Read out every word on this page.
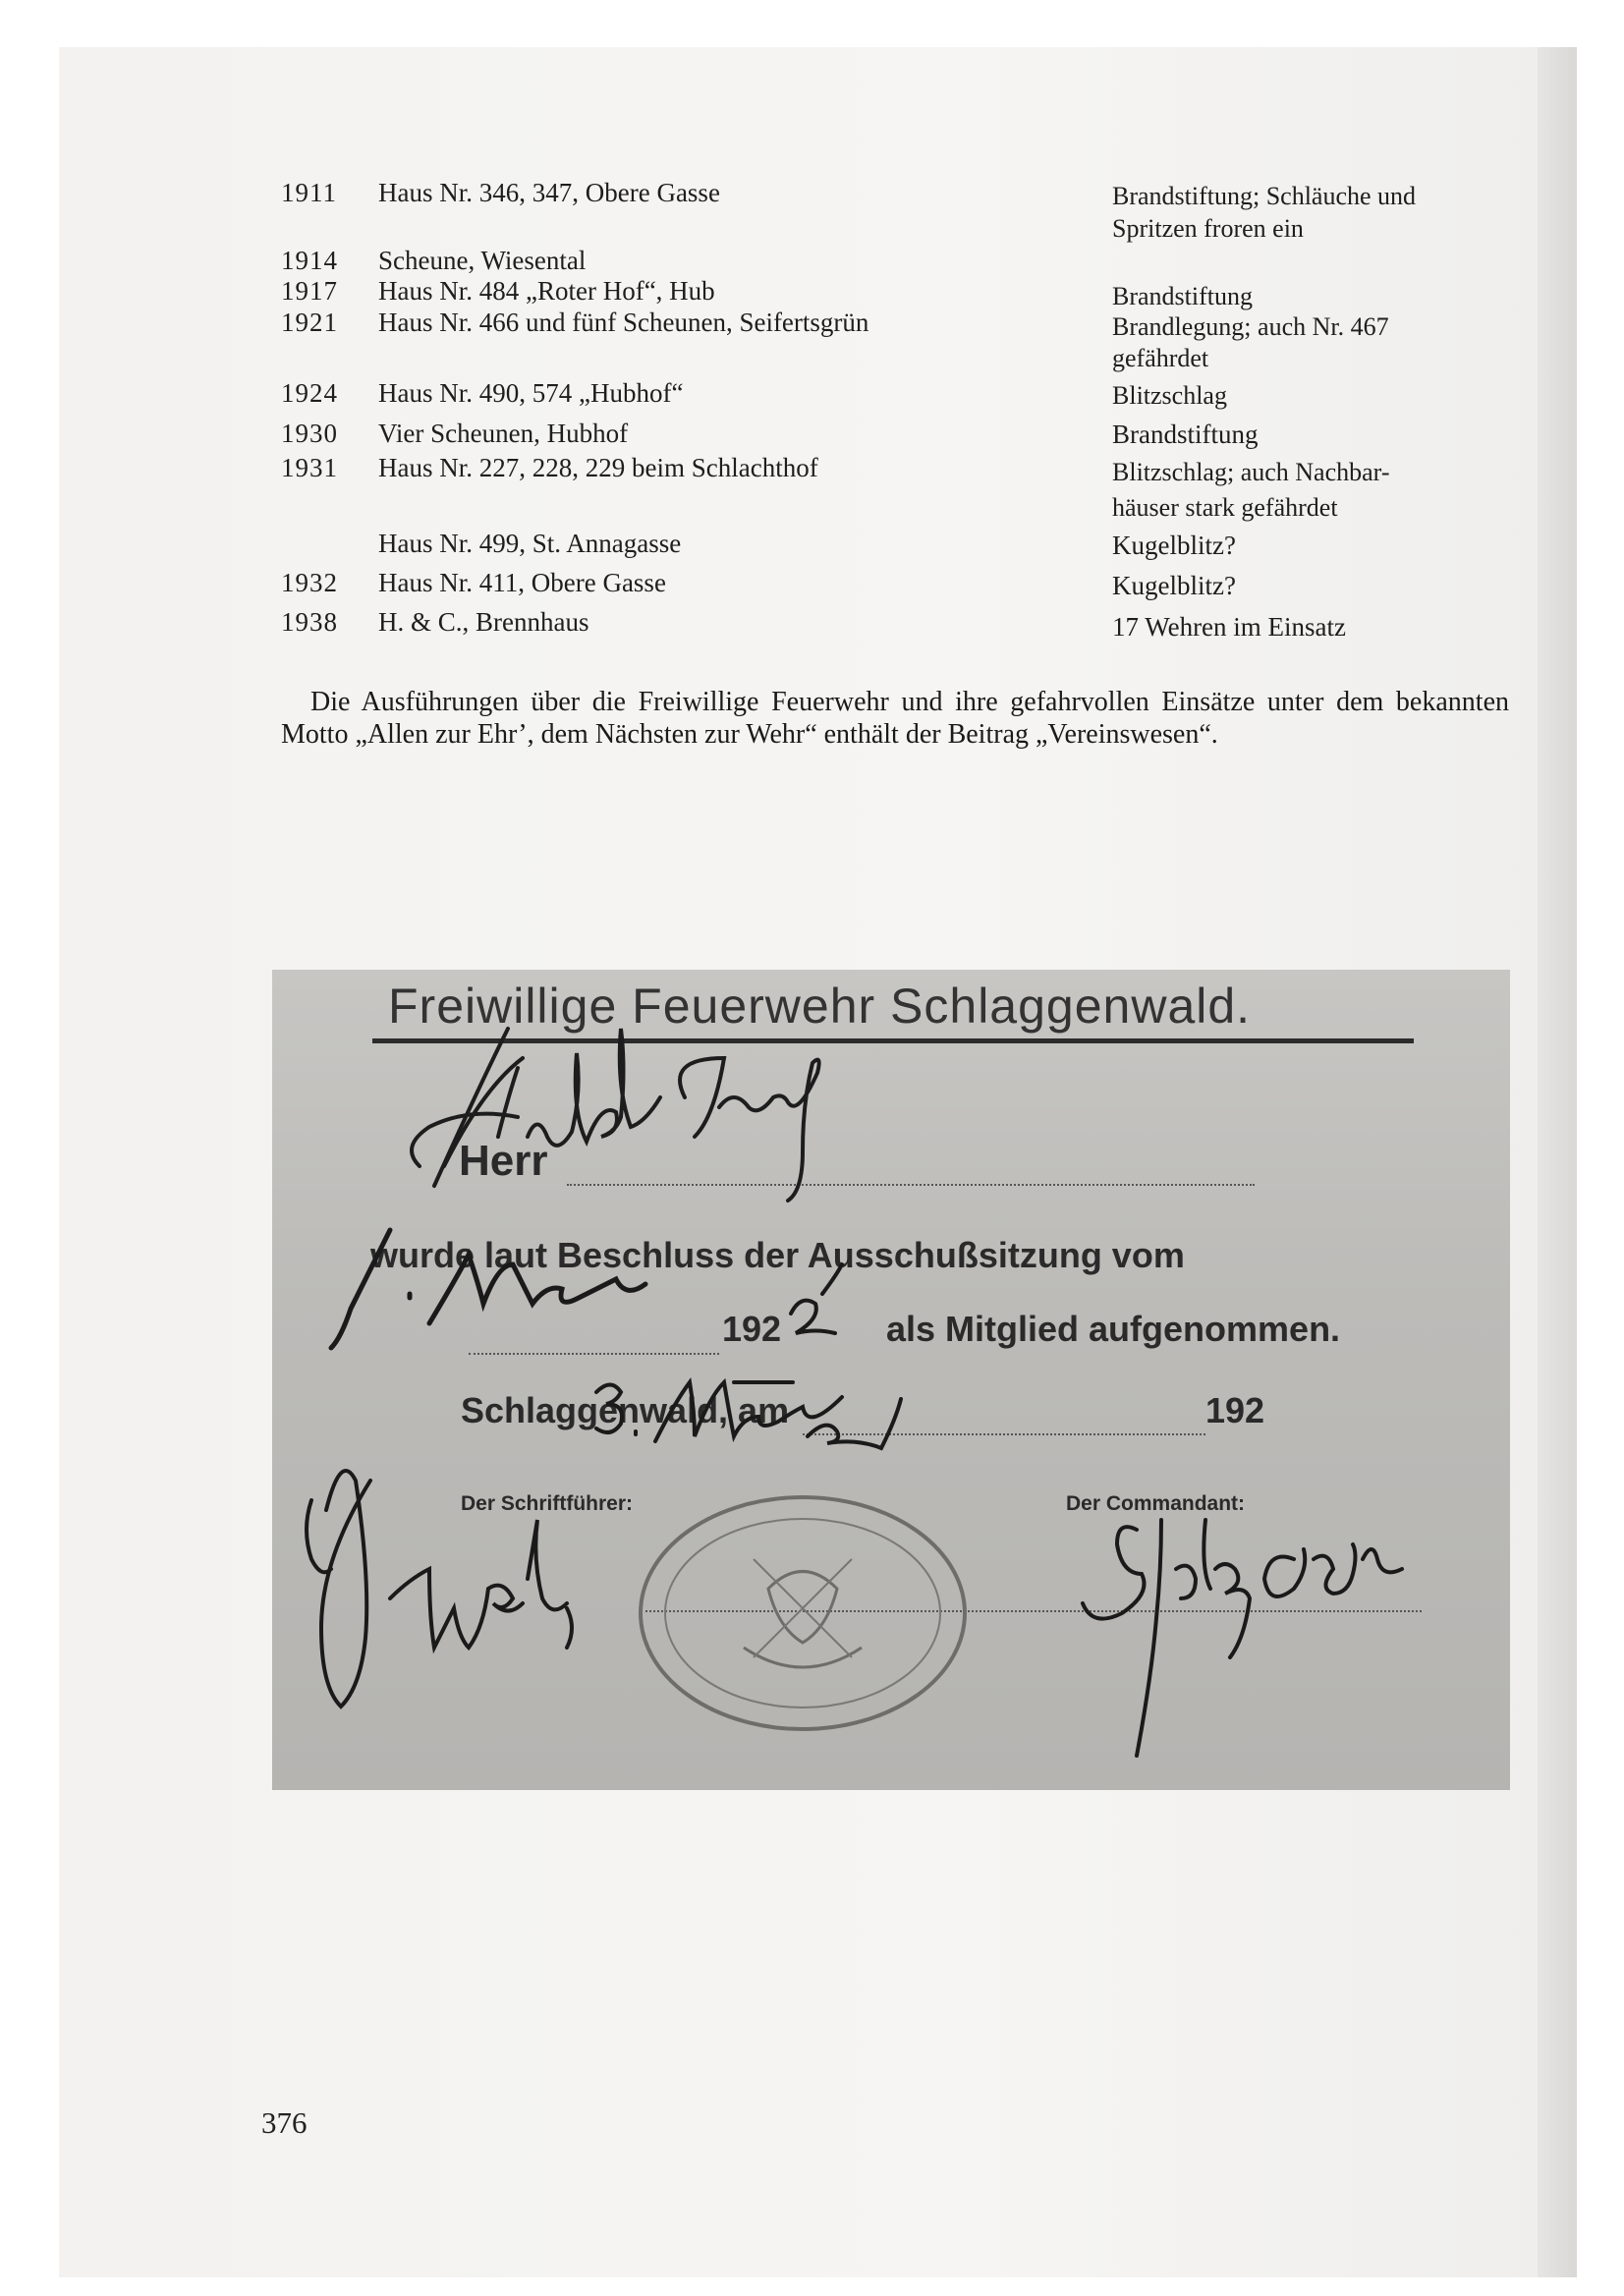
1911 Haus Nr. 346, 347, Obere Gasse	Brandstiftung; Schläuche und Spritzen froren ein
1914 Scheune, Wiesental
1917 Haus Nr. 484 „Roter Hof“, Hub	Brandstiftung
1921 Haus Nr. 466 und fünf Scheunen, Seifertsgrün	Brandlegung; auch Nr. 467 gefährdet
1924 Haus Nr. 490, 574 „Hubhof“	Blitzschlag
1930 Vier Scheunen, Hubhof	Brandstiftung
1931 Haus Nr. 227, 228, 229 beim Schlachthof	Blitzschlag; auch Nachbar-häuser stark gefährdet
Haus Nr. 499, St. Annagasse	Kugelblitz?
1932 Haus Nr. 411, Obere Gasse	Kugelblitz?
1938 H. & C., Brennhaus	17 Wehren im Einsatz

Die Ausführungen über die Freiwillige Feuerwehr und ihre gefahrvollen Einsätze unter dem bekannten Motto „Allen zur Ehr’, dem Nächsten zur Wehr“ enthält der Beitrag „Vereinswesen“.

Freiwillige Feuerwehr Schlaggenwald.
Herr
wurde laut Beschluss der Ausschußsitzung vom
192	als Mitglied aufgenommen.
Schlaggenwald, am	192
Der Schriftführer:	Der Commandant:
376
